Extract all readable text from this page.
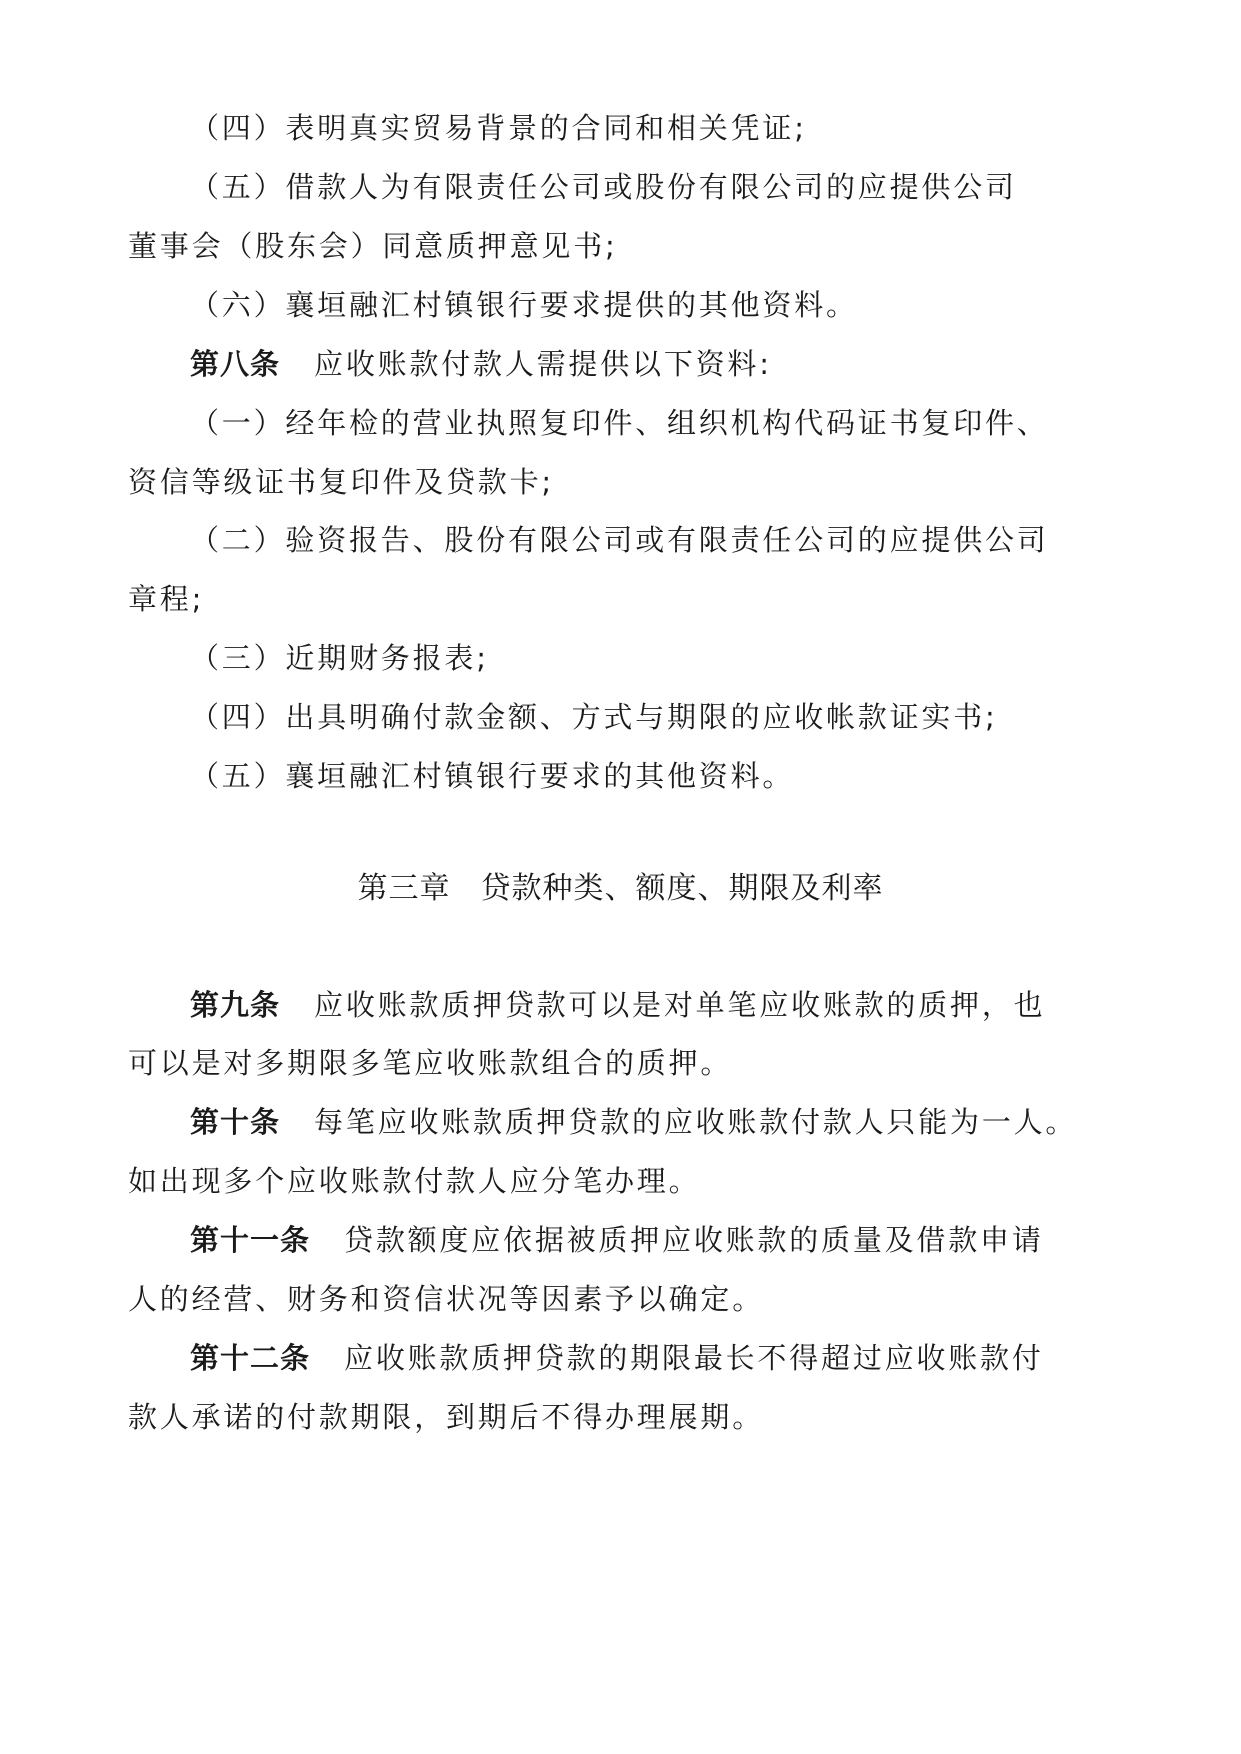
（四）表明真实贸易背景的合同和相关凭证;
（五）借款人为有限责任公司或股份有限公司的应提供公司
董事会（股东会）同意质押意见书;
（六）襄垣融汇村镇银行要求提供的其他资料。
第八条 应收账款付款人需提供以下资料:
（一）经年检的营业执照复印件、组织机构代码证书复印件、
资信等级证书复印件及贷款卡;
（二）验资报告、股份有限公司或有限责任公司的应提供公司
章程;
（三）近期财务报表;
（四）出具明确付款金额、方式与期限的应收帐款证实书;
（五）襄垣融汇村镇银行要求的其他资料。
第三章 贷款种类、额度、期限及利率
第九条 应收账款质押贷款可以是对单笔应收账款的质押，也
可以是对多期限多笔应收账款组合的质押。
第十条 每笔应收账款质押贷款的应收账款付款人只能为一人。
如出现多个应收账款付款人应分笔办理。
第十一条 贷款额度应依据被质押应收账款的质量及借款申请
人的经营、财务和资信状况等因素予以确定。
第十二条 应收账款质押贷款的期限最长不得超过应收账款付
款人承诺的付款期限，到期后不得办理展期。
